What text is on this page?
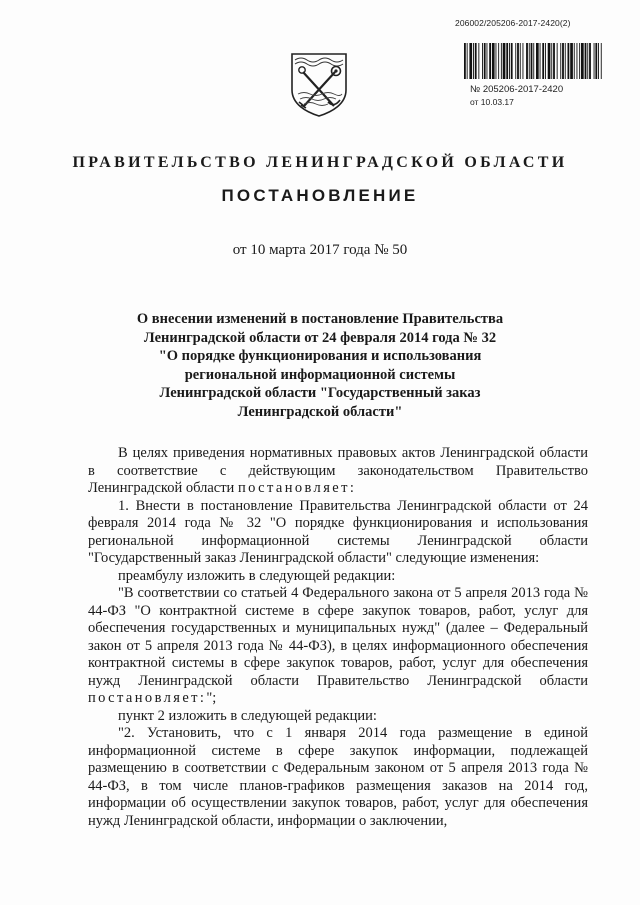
206002/205206-2017-2420(2)
№ 205206-2017-2420
от 10.03.17
ПРАВИТЕЛЬСТВО ЛЕНИНГРАДСКОЙ ОБЛАСТИ
ПОСТАНОВЛЕНИЕ
от 10 марта 2017 года № 50
О внесении изменений в постановление Правительства
Ленинградской области от 24 февраля 2014 года № 32
"О порядке функционирования и использования
региональной информационной системы
Ленинградской области "Государственный заказ
Ленинградской области"

В целях приведения нормативных правовых актов Ленинградской области в соответствие с действующим законодательством Правительство Ленинградской области постановляет:

1. Внести в постановление Правительства Ленинградской области от 24 февраля 2014 года № 32 "О порядке функционирования и использования региональной информационной системы Ленинградской области "Государственный заказ Ленинградской области" следующие изменения:

преамбулу изложить в следующей редакции:

"В соответствии со статьей 4 Федерального закона от 5 апреля 2013 года № 44-ФЗ "О контрактной системе в сфере закупок товаров, работ, услуг для обеспечения государственных и муниципальных нужд" (далее – Федеральный закон от 5 апреля 2013 года № 44-ФЗ), в целях информационного обеспечения контрактной системы в сфере закупок товаров, работ, услуг для обеспечения нужд Ленинградской области Правительство Ленинградской области постановляет:";

пункт 2 изложить в следующей редакции:

"2. Установить, что с 1 января 2014 года размещение в единой информационной системе в сфере закупок информации, подлежащей размещению в соответствии с Федеральным законом от 5 апреля 2013 года № 44-ФЗ, в том числе планов-графиков размещения заказов на 2014 год, информации об осуществлении закупок товаров, работ, услуг для обеспечения нужд Ленинградской области, информации о заключении,
